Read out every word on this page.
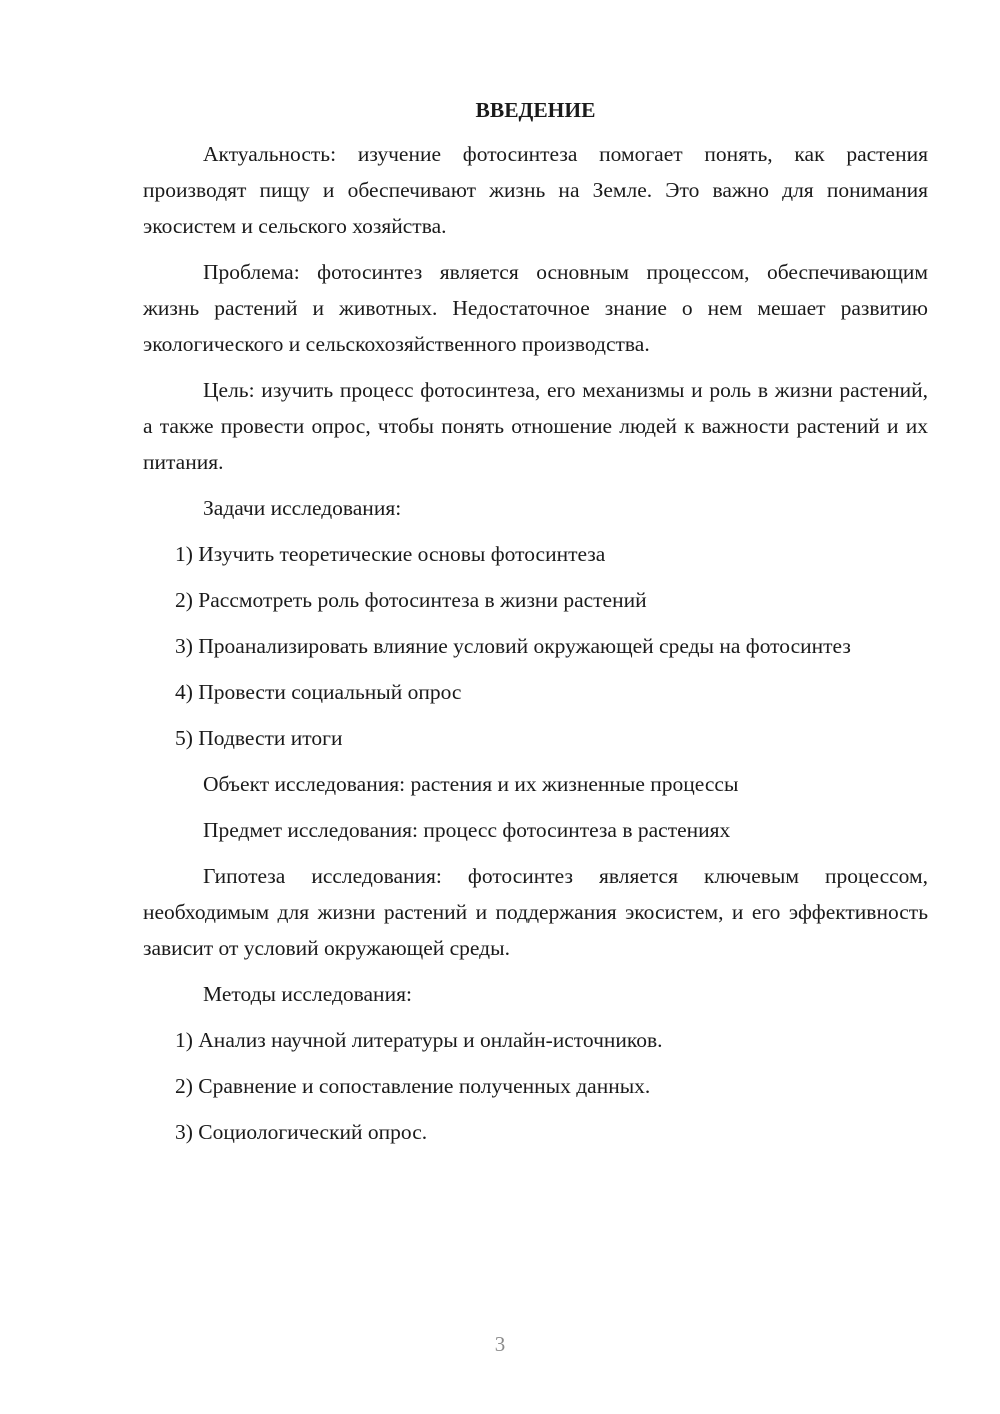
ВВЕДЕНИЕ

Актуальность: изучение фотосинтеза помогает понять, как растения производят пищу и обеспечивают жизнь на Земле. Это важно для понимания экосистем и сельского хозяйства.

Проблема: фотосинтез является основным процессом, обеспечивающим жизнь растений и животных. Недостаточное знание о нем мешает развитию экологического и сельскохозяйственного производства.

Цель: изучить процесс фотосинтеза, его механизмы и роль в жизни растений, а также провести опрос, чтобы понять отношение людей к важности растений и их питания.

Задачи исследования:

1) Изучить теоретические основы фотосинтеза

2) Рассмотреть роль фотосинтеза в жизни растений

3) Проанализировать влияние условий окружающей среды на фотосинтез

4) Провести социальный опрос

5) Подвести итоги

Объект исследования: растения и их жизненные процессы

Предмет исследования: процесс фотосинтеза в растениях

Гипотеза исследования: фотосинтез является ключевым процессом, необходимым для жизни растений и поддержания экосистем, и его эффективность зависит от условий окружающей среды.

Методы исследования:

1) Анализ научной литературы и онлайн-источников.

2) Сравнение и сопоставление полученных данных.

3) Социологический опрос.

3
